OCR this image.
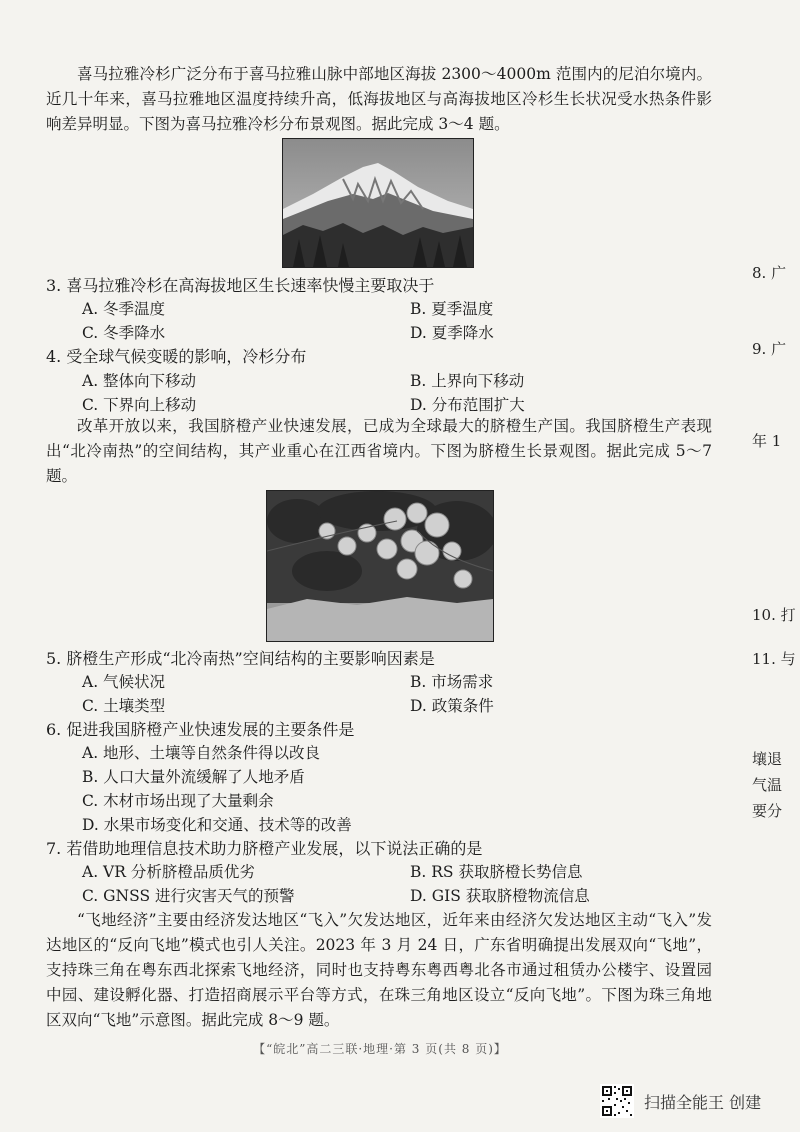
喜马拉雅冷杉广泛分布于喜马拉雅山脉中部地区海拔 2300～4000m 范围内的尼泊尔境内。近几十年来，喜马拉雅地区温度持续升高，低海拔地区与高海拔地区冷杉生长状况受水热条件影响差异明显。下图为喜马拉雅冷杉分布景观图。据此完成 3～4 题。
3. 喜马拉雅冷杉在高海拔地区生长速率快慢主要取决于
A. 冬季温度	B. 夏季温度
C. 冬季降水	D. 夏季降水
4. 受全球气候变暖的影响，冷杉分布
A. 整体向下移动	B. 上界向下移动
C. 下界向上移动	D. 分布范围扩大
改革开放以来，我国脐橙产业快速发展，已成为全球最大的脐橙生产国。我国脐橙生产表现出“北冷南热”的空间结构，其产业重心在江西省境内。下图为脐橙生长景观图。据此完成 5～7 题。
5. 脐橙生产形成“北冷南热”空间结构的主要影响因素是
A. 气候状况	B. 市场需求
C. 土壤类型	D. 政策条件
6. 促进我国脐橙产业快速发展的主要条件是
A. 地形、土壤等自然条件得以改良
B. 人口大量外流缓解了人地矛盾
C. 木材市场出现了大量剩余
D. 水果市场变化和交通、技术等的改善
7. 若借助地理信息技术助力脐橙产业发展，以下说法正确的是
A. VR 分析脐橙品质优劣	B. RS 获取脐橙长势信息
C. GNSS 进行灾害天气的预警	D. GIS 获取脐橙物流信息
“飞地经济”主要由经济发达地区“飞入”欠发达地区，近年来由经济欠发达地区主动“飞入”发达地区的“反向飞地”模式也引人关注。2023 年 3 月 24 日，广东省明确提出发展双向“飞地”，支持珠三角在粤东西北探索飞地经济，同时也支持粤东粤西粤北各市通过租赁办公楼宇、设置园中园、建设孵化器、打造招商展示平台等方式，在珠三角地区设立“反向飞地”。下图为珠三角地区双向“飞地”示意图。据此完成 8～9 题。
【“皖北”高二三联·地理·第 3 页(共 8 页)】
8. 广
9. 广
年 1
10. 打
11. 与
壤退
气温
要分
扫描全能王 创建
